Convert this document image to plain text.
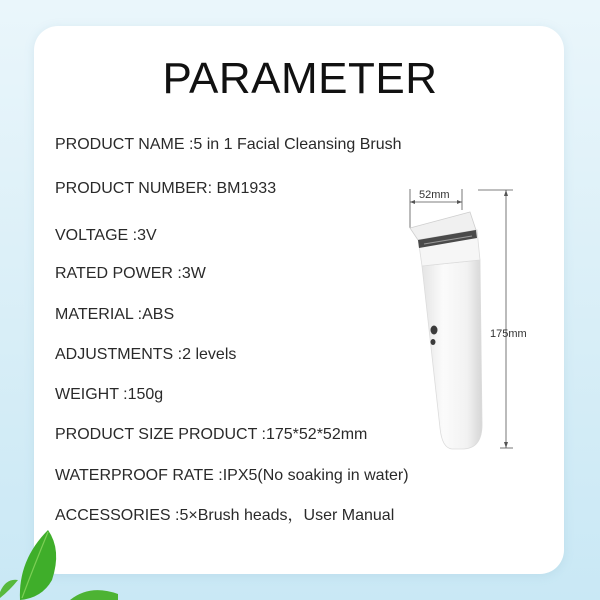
PARAMETER
PRODUCT NAME :5 in 1 Facial Cleansing Brush
PRODUCT NUMBER: BM1933
VOLTAGE :3V
RATED POWER :3W
MATERIAL :ABS
ADJUSTMENTS :2 levels
WEIGHT :150g
PRODUCT SIZE PRODUCT :175*52*52mm
WATERPROOF RATE :IPX5(No soaking in water)
ACCESSORIES :5×Brush heads，User Manual
52mm
175mm
